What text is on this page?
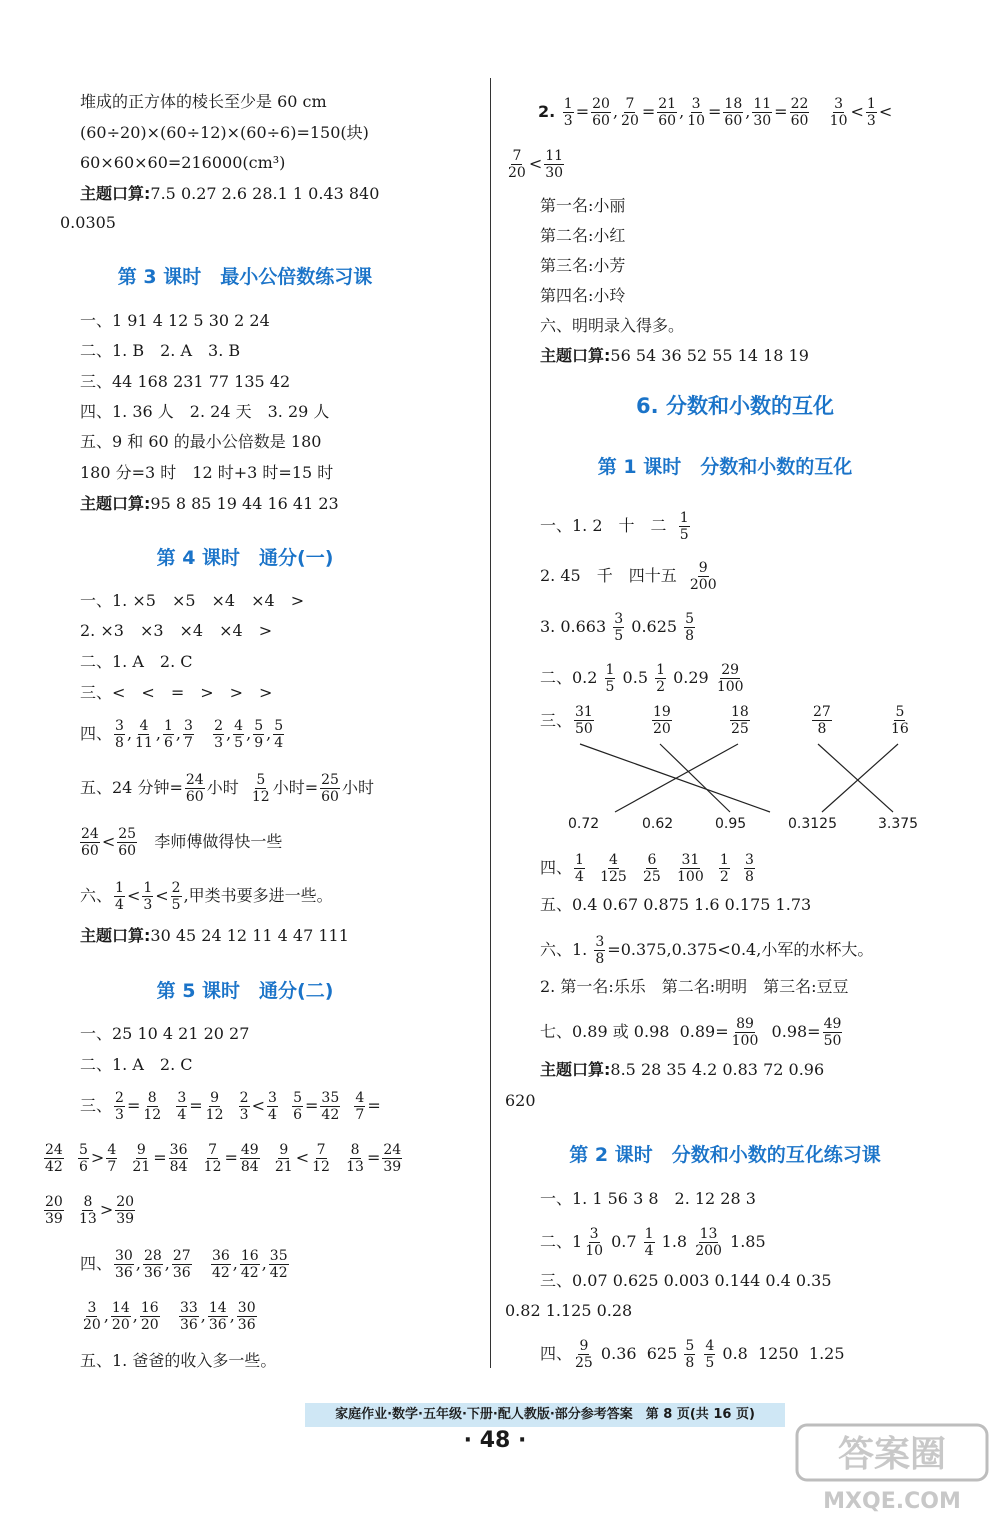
堆成的正方体的棱长至少是 60 cm
(60÷20)×(60÷12)×(60÷6)=150(块)
60×60×60=216000(cm³)
主题口算:7.5 0.27 2.6 28.1 1 0.43 840
0.0305
第 3 课时　最小公倍数练习课
一、1 91 4 12 5 30 2 24
二、1. B　2. A　3. B
三、44 168 231 77 135 42
四、1. 36 人　2. 24 天　3. 29 人
五、9 和 60 的最小公倍数是 180
180 分=3 时　12 时+3 时=15 时
主题口算:95 8 85 19 44 16 41 23
第 4 课时　通分(一)
一、1. ×5　×5　×4　×4　>
2. ×3　×3　×4　×4　>
二、1. A　2. C
三、<　<　=　>　>　>
四、 $\frac{3}{8}$ , $\frac{4}{11}$ , $\frac{1}{6}$ , $\frac{3}{7}$
$\frac{2}{3}$ , $\frac{4}{5}$ , $\frac{5}{9}$ , $\frac{5}{4}$
五、24 分钟= $\frac{24}{60}$ 小时 $\frac{5}{12}$ 小时= $\frac{25}{60}$ 小时
$\frac{24}{60} < \frac{25}{60}$ 李师傅做得快一些
六、 $\frac{1}{4} < \frac{1}{3} < \frac{2}{5}$ ,甲类书要多进一些。
主题口算:30 45 24 12 11 4 47 111
第 5 课时　通分(二)
一、25 10 4 21 20 27
二、1. A　2. C
三、 $\frac{2}{3} = \frac{8}{12}$
$\frac{3}{4} = \frac{9}{12}$
$\frac{2}{3} < \frac{3}{4}$
$\frac{5}{6} = \frac{35}{42}$
$\frac{4}{7}$ =
$\frac{24}{42}$
$\frac{5}{6} > \frac{4}{7}$
$\frac{9}{21} = \frac{36}{84}$
$\frac{7}{12} = \frac{49}{84}$
$\frac{9}{21} < \frac{7}{12}$
$\frac{8}{13} = \frac{24}{39}$
$\frac{20}{39}$
$\frac{8}{13} > \frac{20}{39}$
四、 $\frac{30}{36}$ , $\frac{28}{36}$ , $\frac{27}{36}$
$\frac{36}{42}$ , $\frac{16}{42}$ , $\frac{35}{42}$
$\frac{3}{20}$ , $\frac{14}{20}$ , $\frac{16}{20}$
$\frac{33}{36}$ , $\frac{14}{36}$ , $\frac{30}{36}$
五、1. 爸爸的收入多一些。
2. $\frac{1}{3} = \frac{20}{60}$ , $\frac{7}{20} = \frac{21}{60}$ , $\frac{3}{10} = \frac{18}{60}$ , $\frac{11}{30} = \frac{22}{60}$
$\frac{3}{10} < \frac{1}{3}$ <
$\frac{7}{20} < \frac{11}{30}$
第一名:小丽
第二名:小红
第三名:小芳
第四名:小玲
六、明明录入得多。
主题口算:56 54 36 52 55 14 18 19
6. 分数和小数的互化
第 1 课时　分数和小数的互化
一、1. 2　十　二 $\frac{1}{5}$
2. 45　千　四十五 $\frac{9}{200}$
3. $0.663 \frac{3}{5} 0.625 \frac{5}{8}$
二、$0.2 \frac{1}{5} 0.5 \frac{1}{2} 0.29 \frac{29}{100}$
三、 $\frac{31}{50}$	$\frac{19}{20}$	$\frac{18}{25}$	$\frac{27}{8}$	$\frac{5}{16}$
0.72	0.62	0.95	0.3125	3.375
四、 $\frac{1}{4}$
$\frac{4}{125}$
$\frac{6}{25}$
$\frac{31}{100}$
$\frac{1}{2}$
$\frac{3}{8}$
五、0.4 0.67 0.875 1.6 0.175 1.73
六、1. $\frac{3}{8} =0.375,0.375<0.4$,小军的水杯大。
2. 第一名:乐乐　第二名:明明　第三名:豆豆
七、0.89 或 0.98  $0.89= \frac{89}{100} 0.98= \frac{49}{50}$
主题口算:8.5 28 35 4.2 0.83 72 0.96
620
第 2 课时　分数和小数的互化练习课
一、1. 1 56 3 8　2. 12 28 3
二、$1 \frac{3}{10} 0.7 \frac{1}{4} 1.8 \frac{13}{200} 1.85$
三、0.07 0.625 0.003 0.144 0.4 0.35
0.82 1.125 0.28
四、 $\frac{9}{25} 0.36$  $625 \frac{5}{8}$
$\frac{4}{5} 0.8$  1250  1.25
家庭作业·数学·五年级·下册·配人教版·部分参考答案　第 8 页(共 16 页)
· 48 ·	答案圈
MXQE.COM
